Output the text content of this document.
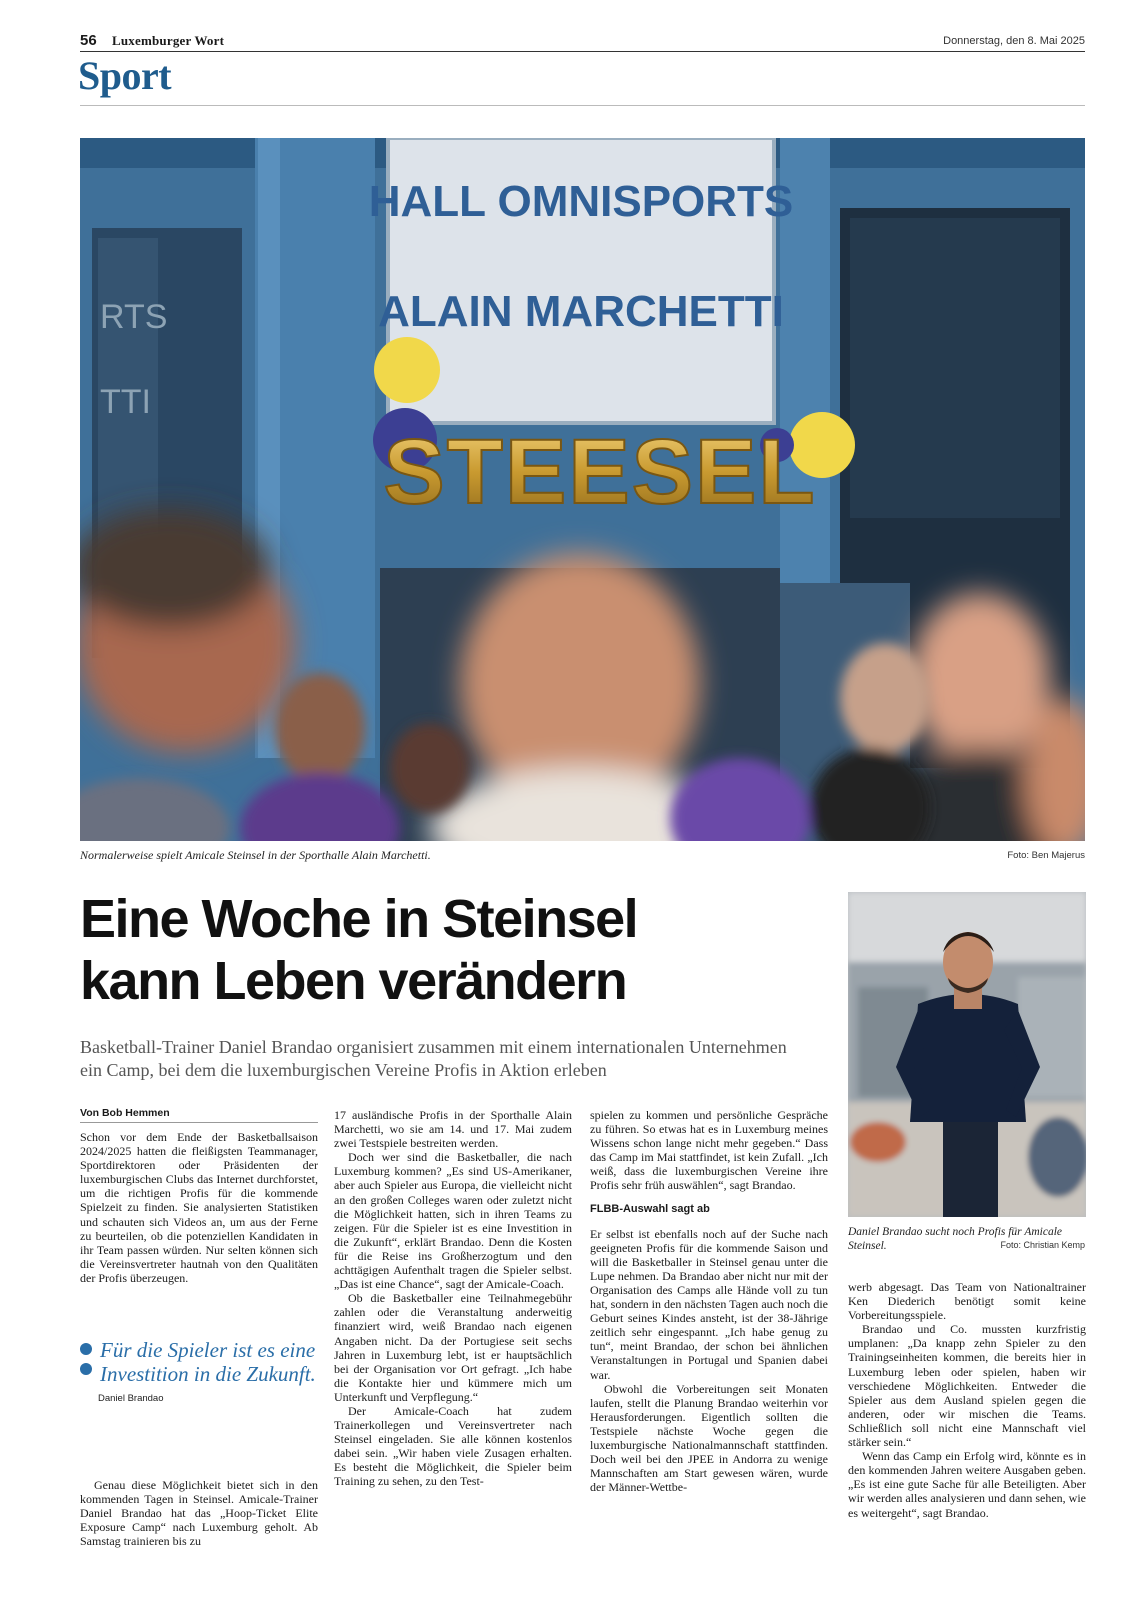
56 Luxemburger Wort	Donnerstag, den 8. Mai 2025
Sport
RTS
TTI
HALL OMNISPORTS
ALAIN MARCHETTI
STEESEL
Normalerweise spielt Amicale Steinsel in der Sporthalle Alain Marchetti.	Foto: Ben Majerus
Eine Woche in Steinsel
kann Leben verändern
Basketball-Trainer Daniel Brandao organisiert zusammen mit einem internationalen Unternehmen ein Camp, bei dem die luxemburgischen Vereine Profis in Aktion erleben
Daniel Brandao sucht noch Profis für Amicale Steinsel.	Foto: Christian Kemp
Von Bob Hemmen

Schon vor dem Ende der Basketballsaison 2024/2025 hatten die fleißigsten Teammanager, Sportdirektoren oder Präsidenten der luxemburgischen Clubs das Internet durchforstet, um die richtigen Profis für die kommende Spielzeit zu finden. Sie analysierten Statistiken und schauten sich Videos an, um aus der Ferne zu beurteilen, ob die potenziellen Kandidaten in ihr Team passen würden. Nur selten können sich die Vereinsvertreter hautnah von den Qualitäten der Profis überzeugen.

Für die Spieler ist es eine Investition in die Zukunft.
Daniel Brandao

Genau diese Möglichkeit bietet sich in den kommenden Tagen in Steinsel. Amicale-Trainer Daniel Brandao hat das „Hoop-Ticket Elite Exposure Camp“ nach Luxemburg geholt. Ab Samstag trainieren bis zu

17 ausländische Profis in der Sporthalle Alain Marchetti, wo sie am 14. und 17. Mai zudem zwei Testspiele bestreiten werden.

Doch wer sind die Basketballer, die nach Luxemburg kommen? „Es sind US-Amerikaner, aber auch Spieler aus Europa, die vielleicht nicht an den großen Colleges waren oder zuletzt nicht die Möglichkeit hatten, sich in ihren Teams zu zeigen. Für die Spieler ist es eine Investition in die Zukunft“, erklärt Brandao. Denn die Kosten für die Reise ins Großherzogtum und den achttägigen Aufenthalt tragen die Spieler selbst. „Das ist eine Chance“, sagt der Amicale-Coach.

Ob die Basketballer eine Teilnahmegebühr zahlen oder die Veranstaltung anderweitig finanziert wird, weiß Brandao nach eigenen Angaben nicht. Da der Portugiese seit sechs Jahren in Luxemburg lebt, ist er hauptsächlich bei der Organisation vor Ort gefragt. „Ich habe die Kontakte hier und kümmere mich um Unterkunft und Verpflegung.“

Der Amicale-Coach hat zudem Trainerkollegen und Vereinsvertreter nach Steinsel eingeladen. Sie alle können kostenlos dabei sein. „Wir haben viele Zusagen erhalten. Es besteht die Möglichkeit, die Spieler beim Training zu sehen, zu den Test-

spielen zu kommen und persönliche Gespräche zu führen. So etwas hat es in Luxemburg meines Wissens schon lange nicht mehr gegeben.“ Dass das Camp im Mai stattfindet, ist kein Zufall. „Ich weiß, dass die luxemburgischen Vereine ihre Profis sehr früh auswählen“, sagt Brandao.

FLBB-Auswahl sagt ab

Er selbst ist ebenfalls noch auf der Suche nach geeigneten Profis für die kommende Saison und will die Basketballer in Steinsel genau unter die Lupe nehmen. Da Brandao aber nicht nur mit der Organisation des Camps alle Hände voll zu tun hat, sondern in den nächsten Tagen auch noch die Geburt seines Kindes ansteht, ist der 38-Jährige zeitlich sehr eingespannt. „Ich habe genug zu tun“, meint Brandao, der schon bei ähnlichen Veranstaltungen in Portugal und Spanien dabei war.

Obwohl die Vorbereitungen seit Monaten laufen, stellt die Planung Brandao weiterhin vor Herausforderungen. Eigentlich sollten die Testspiele nächste Woche gegen die luxemburgische Nationalmannschaft stattfinden. Doch weil bei den JPEE in Andorra zu wenige Mannschaften am Start gewesen wären, wurde der Männer-Wettbe-

werb abgesagt. Das Team von Nationaltrainer Ken Diederich benötigt somit keine Vorbereitungsspiele.

Brandao und Co. mussten kurzfristig umplanen: „Da knapp zehn Spieler zu den Trainingseinheiten kommen, die bereits hier in Luxemburg leben oder spielen, haben wir verschiedene Möglichkeiten. Entweder die Spieler aus dem Ausland spielen gegen die anderen, oder wir mischen die Teams. Schließlich soll nicht eine Mannschaft viel stärker sein.“

Wenn das Camp ein Erfolg wird, könnte es in den kommenden Jahren weitere Ausgaben geben. „Es ist eine gute Sache für alle Beteiligten. Aber wir werden alles analysieren und dann sehen, wie es weitergeht“, sagt Brandao.
